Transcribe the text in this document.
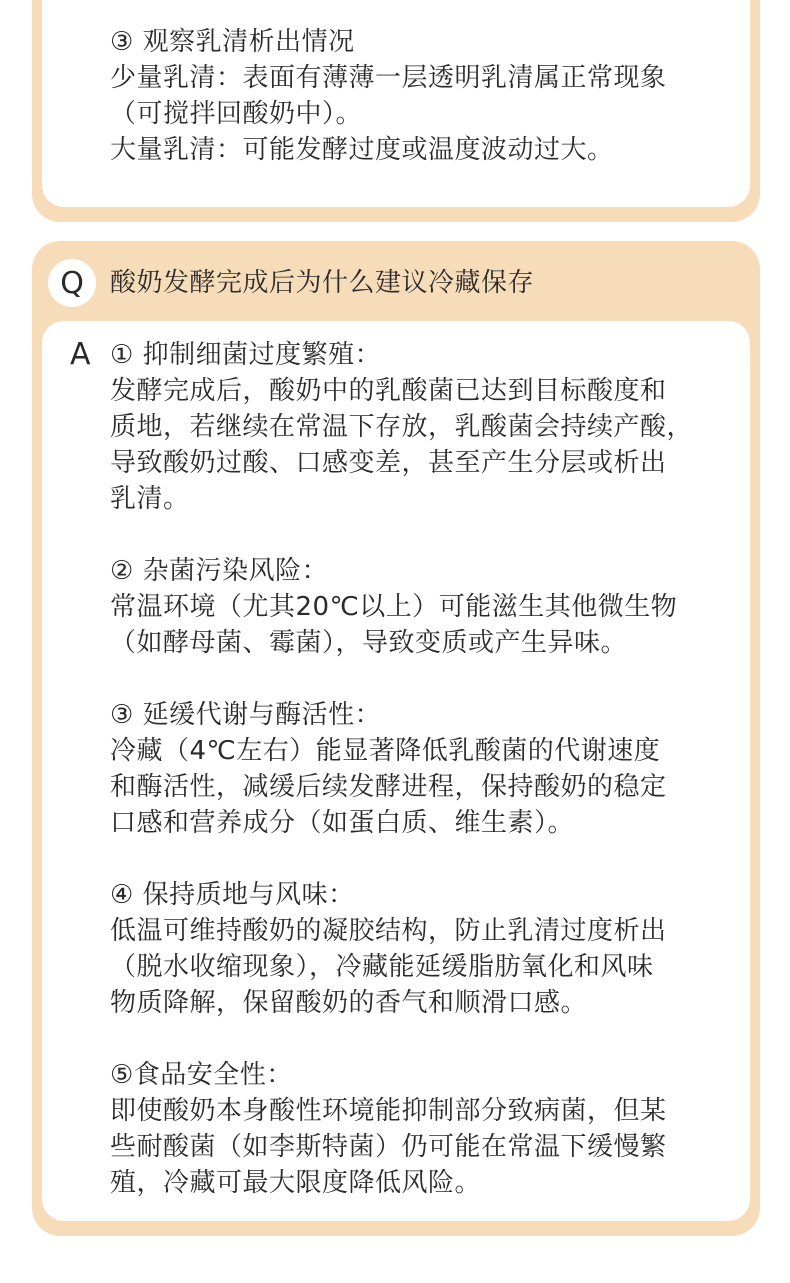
③ 观察乳清析出情况
少量乳清：表面有薄薄一层透明乳清属正常现象
（可搅拌回酸奶中）。
大量乳清：可能发酵过度或温度波动过大。
Q 酸奶发酵完成后为什么建议冷藏保存
A ① 抑制细菌过度繁殖：
发酵完成后，酸奶中的乳酸菌已达到目标酸度和
质地，若继续在常温下存放，乳酸菌会持续产酸，
导致酸奶过酸、口感变差，甚至产生分层或析出
乳清。
② 杂菌污染风险：
常温环境（尤其20℃以上）可能滋生其他微生物
（如酵母菌、霉菌），导致变质或产生异味。
③ 延缓代谢与酶活性：
冷藏（4℃左右）能显著降低乳酸菌的代谢速度
和酶活性，减缓后续发酵进程，保持酸奶的稳定
口感和营养成分（如蛋白质、维生素）。
④ 保持质地与风味：
低温可维持酸奶的凝胶结构，防止乳清过度析出
（脱水收缩现象），冷藏能延缓脂肪氧化和风味
物质降解，保留酸奶的香气和顺滑口感。
⑤食品安全性：
即使酸奶本身酸性环境能抑制部分致病菌，但某
些耐酸菌（如李斯特菌）仍可能在常温下缓慢繁
殖，冷藏可最大限度降低风险。
